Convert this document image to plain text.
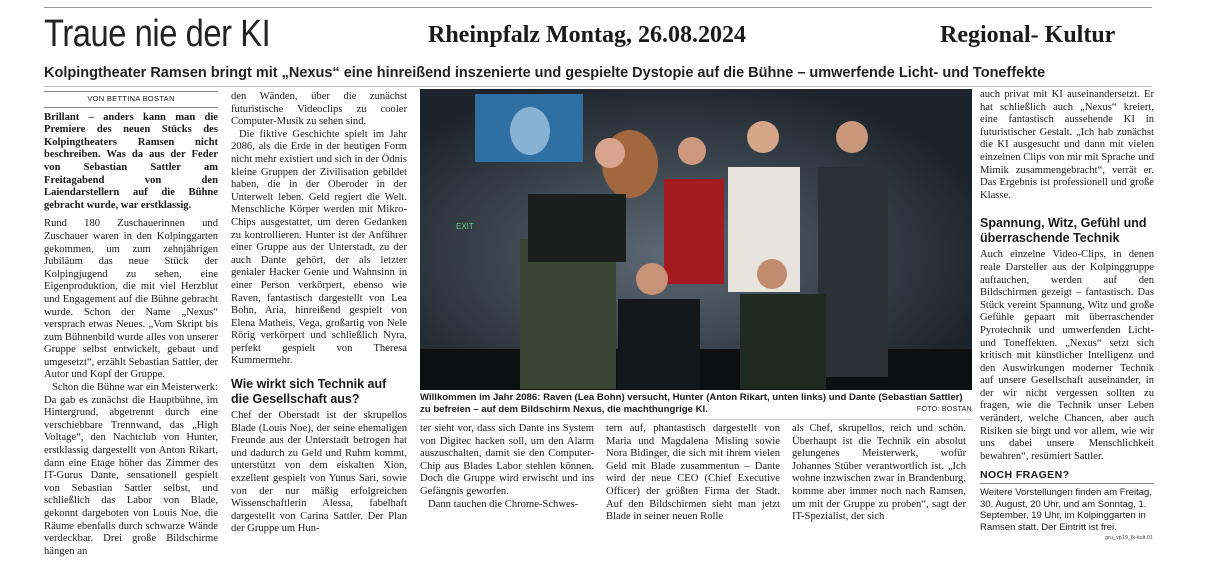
Traue nie der KI	Rheinpfalz Montag, 26.08.2024	Regional- Kultur
Kolpingtheater Ramsen bringt mit „Nexus“ eine hinreißend inszenierte und gespielte Dystopie auf die Bühne – umwerfende Licht- und Toneffekte
VON BETTINA BOSTAN

Brillant – anders kann man die Premiere des neuen Stücks des Kolpingtheaters Ramsen nicht beschreiben. Was da aus der Feder von Sebastian Sattler am Freitagabend von den Laiendarstellern auf die Bühne gebracht wurde, war erstklassig.

Rund 180 Zuschauerinnen und Zuschauer waren in den Kolpinggarten gekommen, um zum zehnjährigen Jubiläum das neue Stück der Kolpingjugend zu sehen, eine Eigenproduktion, die mit viel Herzblut und Engagement auf die Bühne gebracht wurde. Schon der Name „Nexus“ versprach etwas Neues. „Vom Skript bis zum Bühnenbild wurde alles von unserer Gruppe selbst entwickelt, gebaut und umgesetzt“, erzählt Sebastian Sattler, der Autor und Kopf der Gruppe.

Schon die Bühne war ein Meisterwerk: Da gab es zunächst die Hauptbühne, im Hintergrund, abgetrennt durch eine verschiebbare Trennwand, das „High Voltage“, den Nachtclub von Hunter, erstklassig dargestellt von Anton Rikart, dann eine Etage höher das Zimmer des IT-Gurus Dante, sensationell gespielt von Sebastian Sattler selbst, und schließlich das Labor von Blade, gekonnt dargeboten von Louis Noe, die Räume ebenfalls durch schwarze Wände verdeckbar. Drei große Bildschirme hängen an

den Wänden, über die zunächst futuristische Videoclips zu cooler Computer-Musik zu sehen sind.

Die fiktive Geschichte spielt im Jahr 2086, als die Erde in der heutigen Form nicht mehr existiert und sich in der Ödnis kleine Gruppen der Zivilisation gebildet haben, die in der Oberoder in der Unterwelt leben. Geld regiert die Welt. Menschliche Körper werden mit Mikro-Chips ausgestattet, um deren Gedanken zu kontrollieren. Hunter ist der Anführer einer Gruppe aus der Unterstadt, zu der auch Dante gehört, der als letzter genialer Hacker Genie und Wahnsinn in einer Person verkörpert, ebenso wie Raven, fantastisch dargestellt von Lea Bohn, Aria, hinreißend gespielt von Elena Matheis, Vega, großartig von Nele Rörig verkörpert und schließlich Nyra, perfekt gespielt von Theresa Kummermehr.

Wie wirkt sich Technik auf die Gesellschaft aus?

Chef der Oberstadt ist der skrupellos Blade (Louis Noe), der seine ehemaligen Freunde aus der Unterstadt betrogen hat und dadurch zu Geld und Ruhm kommt, unterstützt von dem eiskalten Xion, exzellent gespielt von Yunus Sari, sowie von der nur mäßig erfolgreichen Wissenschaftlerin Alessa, fabelhaft dargestellt von Carina Sattler. Der Plan der Gruppe um Hun-

EXIT
Willkommen im Jahr 2086: Raven (Lea Bohn) versucht, Hunter (Anton Rikart, unten links) und Dante (Sebastian Sattler) zu befreien – auf dem Bildschirm Nexus, die machthungrige KI.	FOTO: BOSTAN

ter sieht vor, dass sich Dante ins System von Digitec hacken soll, um den Alarm auszuschalten, damit sie den Computer-Chip aus Blades Labor stehlen können. Doch die Gruppe wird erwischt und ins Gefängnis geworfen.

Dann tauchen die Chrome-Schwes-

tern auf, phantastisch dargestellt von Maria und Magdalena Misling sowie Nora Bidinger, die sich mit ihrem vielen Geld mit Blade zusammentun – Dante wird der neue CEO (Chief Executive Officer) der größten Firma der Stadt. Auf den Bildschirmen sieht man jetzt Blade in seiner neuen Rolle

als Chef, skrupellos, reich und schön. Überhaupt ist die Technik ein absolut gelungenes Meisterwerk, wofür Johannes Stüber verantwortlich ist. „Ich wohne inzwischen zwar in Brandenburg, komme aber immer noch nach Ramsen, um mit der Gruppe zu proben“, sagt der IT-Spezialist, der sich

auch privat mit KI auseinandersetzt. Er hat schließlich auch „Nexus“ kreiert, eine fantastisch aussehende KI in futuristischer Gestalt. „Ich hab zunächst die KI ausgesucht und dann mit vielen einzelnen Clips von mir mit Sprache und Mimik zusammengebracht“, verrät er. Das Ergebnis ist professionell und große Klasse.

Spannung, Witz, Gefühl und überraschende Technik

Auch einzelne Video-Clips, in denen reale Darsteller aus der Kolpinggruppe auftauchen, werden auf den Bildschirmen gezeigt – fantastisch. Das Stück vereint Spannung, Witz und große Gefühle gepaart mit überraschender Pyrotechnik und umwerfenden Licht- und Toneffekten. „Nexus“ setzt sich kritisch mit künstlicher Intelligenz und den Auswirkungen moderner Technik auf unsere Gesellschaft auseinander, in der wir nicht vergessen sollten zu fragen, wie die Technik unser Leben verändert, welche Chancen, aber auch Risiken sie birgt und vor allem, wie wir uns dabei unsere Menschlichkeit bewahren“, resümiert Sattler.

NOCH FRAGEN?

Weitere Vorstellungen finden am Freitag, 30. August, 20 Uhr, und am Sonntag, 1. September, 19 Uhr, im Kolpinggarten in Ramsen statt. Der Eintritt ist frei.

gru_vp19_lk-kult.01
